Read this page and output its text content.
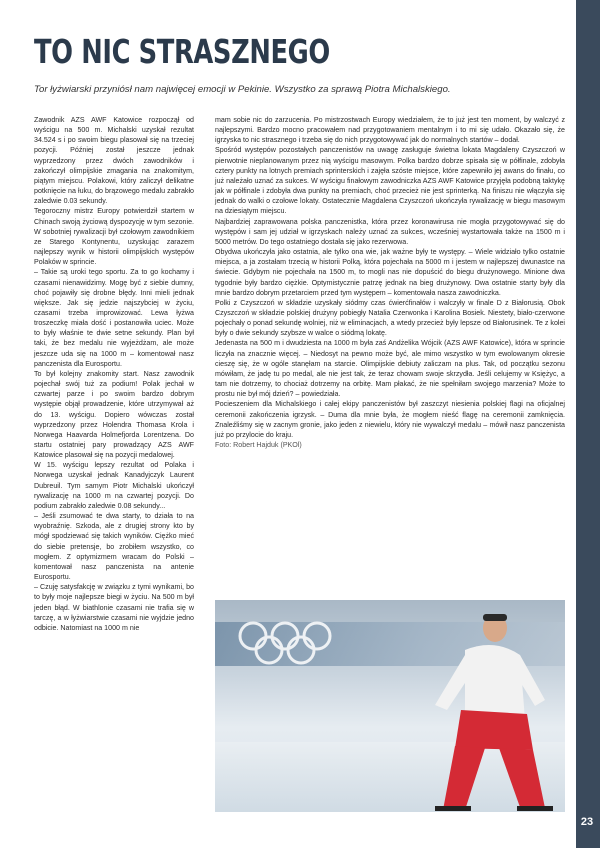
23
TO NIC STRASZNEGO

Tor łyżwiarski przyniósł nam najwięcej emocji w Pekinie. Wszystko za sprawą Piotra Michalskiego.

Zawodnik AZS AWF Katowice rozpoczął od wyścigu na 500 m. Michalski uzyskał rezultat 34.524 s i po swoim biegu plasował się na trzeciej pozycji. Później został jeszcze jednak wyprzedzony przez dwóch zawodników i zakończył olimpijskie zmagania na znakomitym, piątym miejscu. Polakowi, który zaliczył delikatne potknięcie na łuku, do brązowego medalu zabrakło zaledwie 0.03 sekundy.

Tegoroczny mistrz Europy potwierdził startem w Chinach swoją życiową dyspozycję w tym sezonie. W sobotniej rywalizacji był czołowym zawodnikiem ze Starego Kontynentu, uzyskując zarazem najlepszy wynik w historii olimpijskich występów Polaków w sprincie.

– Takie są uroki tego sportu. Za to go kochamy i czasami nienawidzimy. Mogę być z siebie dumny, choć pojawiły się drobne błędy. Inni mieli jednak większe. Jak się jedzie najszybciej w życiu, czasami trzeba improwizować. Lewa łyżwa troszeczkę miała dość i postanowiła uciec. Może to były właśnie te dwie setne sekundy. Plan był taki, że bez medalu nie wyjeżdżam, ale może jeszcze uda się na 1000 m – komentował nasz panczenista dla Eurosportu.

To był kolejny znakomity start. Nasz zawodnik pojechał swój tuż za podium! Polak jechał w czwartej parze i po swoim bardzo dobrym występie objął prowadzenie, które utrzymywał aż do 13. wyścigu. Dopiero wówczas został wyprzedzony przez Holendra Thomasa Krola i Norwega Haavarda Holmefjorda Lorentzena. Do startu ostatniej pary prowadzący AZS AWF Katowice plasował się na pozycji medalowej.

W 15. wyścigu lepszy rezultat od Polaka i Norwega uzyskał jednak Kanadyjczyk Laurent Dubreuil. Tym samym Piotr Michalski ukończył rywalizację na 1000 m na czwartej pozycji. Do podium zabrakło zaledwie 0.08 sekundy...

– Jeśli zsumować te dwa starty, to działa to na wyobraźnię. Szkoda, ale z drugiej strony kto by mógł spodziewać się takich wyników. Ciężko mieć do siebie pretensje, bo zrobiłem wszystko, co mogłem. Z optymizmem wracam do Polski – komentował nasz panczenista na antenie Eurosportu.

– Czuję satysfakcję w związku z tymi wynikami, bo to były moje najlepsze biegi w życiu. Na 500 m był jeden błąd. W biathlonie czasami nie trafia się w tarczę, a w łyżwiarstwie czasami nie wyjdzie jedno odbicie. Natomiast na 1000 m nie

mam sobie nic do zarzucenia. Po mistrzostwach Europy wiedziałem, że to już jest ten moment, by walczyć z najlepszymi. Bardzo mocno pracowałem nad przygotowaniem mentalnym i to mi się udało. Okazało się, że igrzyska to nic strasznego i trzeba się do nich przygotowywać jak do normalnych startów – dodał.

Spośród występów pozostałych panczenistów na uwagę zasługuje świetna lokata Magdaleny Czyszczoń w pierwotnie nieplanowanym przez nią wyścigu masowym. Polka bardzo dobrze spisała się w półfinale, zdobyła cztery punkty na lotnych premiach sprinterskich i zajęła szóste miejsce, które zapewniło jej awans do finału, co już należało uznać za sukces. W wyścigu finałowym zawodniczka AZS AWF Katowice przyjęła podobną taktykę jak w półfinale i zdobyła dwa punkty na premiach, choć przecież nie jest sprinterką. Na finiszu nie włączyła się jednak do walki o czołowe lokaty. Ostatecznie Magdalena Czyszczoń ukończyła rywalizację w biegu masowym na dziesiątym miejscu.

Najbardziej zaprawowana polska panczenistka, która przez koronawirusa nie mogła przygotowywać się do występów i sam jej udział w igrzyskach należy uznać za sukces, wcześniej wystartowała także na 1500 m i 5000 metrów. Do tego ostatniego dostała się jako rezerwowa.

Obydwa ukończyła jako ostatnia, ale tylko ona wie, jak ważne były te występy. – Wiele widziało tylko ostatnie miejsca, a ja zostałam trzecią w historii Polką, która pojechała na 5000 m i jestem w najlepszej dwunastce na świecie. Gdybym nie pojechała na 1500 m, to mogli nas nie dopuścić do biegu drużynowego. Minione dwa tygodnie były bardzo ciężkie. Optymistycznie patrzę jednak na bieg drużynowy. Dwa ostatnie starty były dla mnie bardzo dobrym przetarciem przed tym występem – komentowała nasza zawodniczka.

Polki z Czyszczoń w składzie uzyskały siódmy czas ćwierćfinałów i walczyły w finale D z Białorusią. Obok Czyszczoń w składzie polskiej drużyny pobiegły Natalia Czerwonka i Karolina Bosiek. Niestety, biało-czerwone pojechały o ponad sekundę wolniej, niż w eliminacjach, a wtedy przecież były lepsze od Białorusinek. Te z kolei były o dwie sekundy szybsze w walce o siódmą lokatę.

Jedenasta na 500 m i dwudziesta na 1000 m była zaś Andżelika Wójcik (AZS AWF Katowice), która w sprincie liczyła na znacznie więcej. – Niedosyt na pewno może być, ale mimo wszystko w tym ewolowanym okresie cieszę się, że w ogóle stanęłam na starcie. Olimpijskie debiuty zaliczam na plus. Tak, od początku sezonu mówiłam, że jadę tu po medal, ale nie jest tak, że teraz chowam swoje skrzydła. Jeśli celujemy w Księżyc, a tam nie dotrzemy, to chociaż dotrzemy na orbitę. Mam płakać, że nie spełniłam swojego marzenia? Może to prostu nie był mój dzień? – powiedziała.

Pocieszeniem dla Michalskiego i całej ekipy panczenistów był zaszczyt niesienia polskiej flagi na oficjalnej ceremonii zakończenia igrzysk. – Duma dla mnie była, że mogłem nieść flagę na ceremonii zamknięcia. Znaleźliśmy się w zacnym gronie, jako jeden z niewielu, który nie wywalczył medalu – mówił nasz panczenista już po przylocie do kraju.

Foto: Robert Hajduk (PKOl)
